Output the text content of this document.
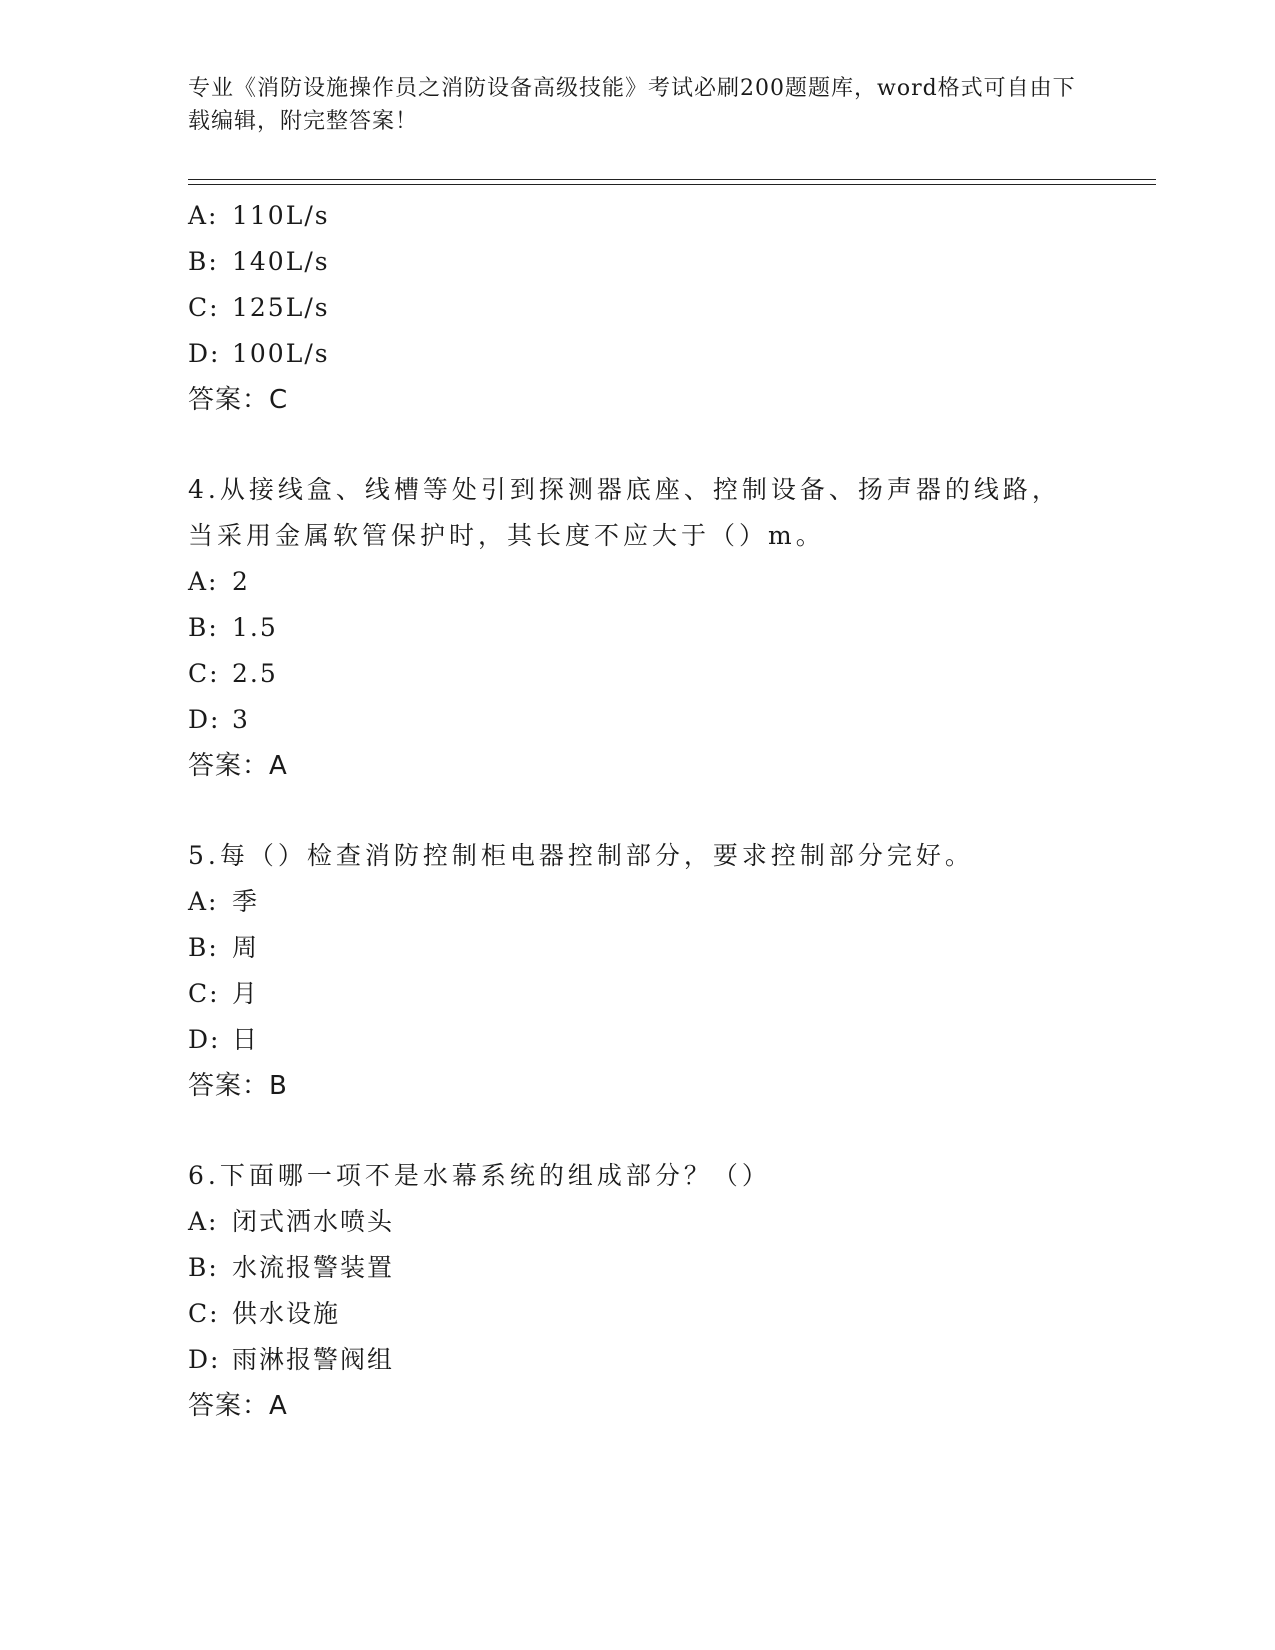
专业《消防设施操作员之消防设备高级技能》考试必刷200题题库，word格式可自由下载编辑，附完整答案！
A: 110L/s
B: 140L/s
C: 125L/s
D: 100L/s
答案：C
4.从接线盒、线槽等处引到探测器底座、控制设备、扬声器的线路，当采用金属软管保护时，其长度不应大于（）m。
A: 2
B: 1.5
C: 2.5
D: 3
答案：A
5.每（）检查消防控制柜电器控制部分，要求控制部分完好。
A: 季
B: 周
C: 月
D: 日
答案：B
6.下面哪一项不是水幕系统的组成部分？（）
A: 闭式洒水喷头
B: 水流报警装置
C: 供水设施
D: 雨淋报警阀组
答案：A
